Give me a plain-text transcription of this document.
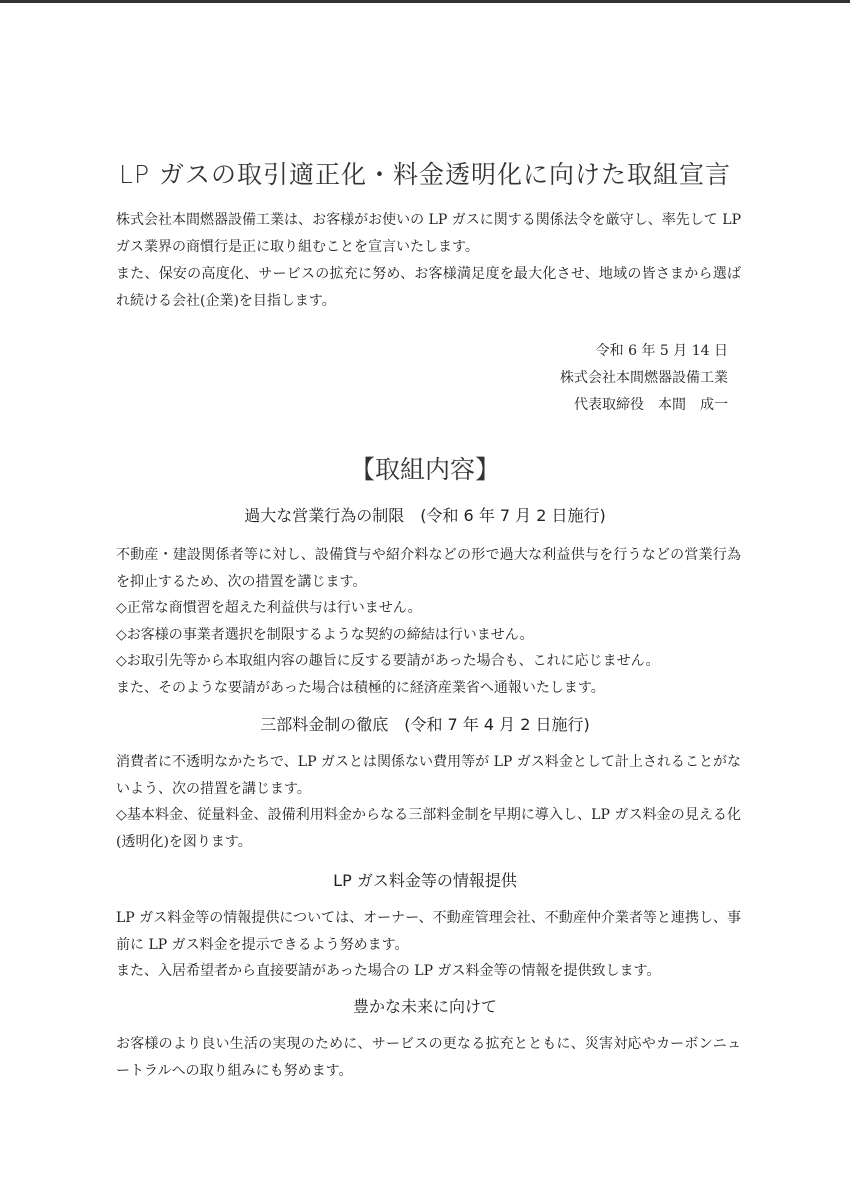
LP ガスの取引適正化・料金透明化に向けた取組宣言

株式会社本間燃器設備工業は、お客様がお使いの LP ガスに関する関係法令を厳守し、率先して LP ガス業界の商慣行是正に取り組むことを宣言いたします。

また、保安の高度化、サービスの拡充に努め、お客様満足度を最大化させ、地域の皆さまから選ばれ続ける会社(企業)を目指します。

令和 6 年 5 月 14 日
株式会社本間燃器設備工業
代表取締役　本間　成一
【取組内容】
過大な営業行為の制限　(令和 6 年 7 月 2 日施行)

不動産・建設関係者等に対し、設備貸与や紹介料などの形で過大な利益供与を行うなどの営業行為を抑止するため、次の措置を講じます。

◇正常な商慣習を超えた利益供与は行いません。

◇お客様の事業者選択を制限するような契約の締結は行いません。

◇お取引先等から本取組内容の趣旨に反する要請があった場合も、これに応じません。

また、そのような要請があった場合は積極的に経済産業省へ通報いたします。

三部料金制の徹底　(令和 7 年 4 月 2 日施行)

消費者に不透明なかたちで、LP ガスとは関係ない費用等が LP ガス料金として計上されることがないよう、次の措置を講じます。

◇基本料金、従量料金、設備利用料金からなる三部料金制を早期に導入し、LP ガス料金の見える化(透明化)を図ります。

LP ガス料金等の情報提供

LP ガス料金等の情報提供については、オーナー、不動産管理会社、不動産仲介業者等と連携し、事前に LP ガス料金を提示できるよう努めます。

また、入居希望者から直接要請があった場合の LP ガス料金等の情報を提供致します。

豊かな未来に向けて

お客様のより良い生活の実現のために、サービスの更なる拡充とともに、災害対応やカーボンニュートラルへの取り組みにも努めます。
